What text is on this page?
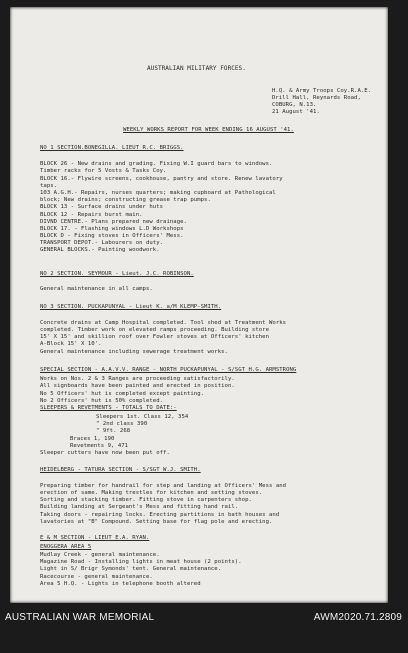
AUSTRALIAN MILITARY FORCES.
H.Q. & Army Troops Coy.R.A.E.
Drill Hall, Reynards Road,
COBURG, N.13.
21 August '41.
WEEKLY WORKS REPORT FOR WEEK ENDING 16 AUGUST '41.
NO 1 SECTION.BONEGILLA. LIEUT R.C. BRIGGS.
BLOCK 26 - New drains and grading. Fixing W.I guard bars to windows.
Timber racks for 5 Vosts & Tasks Coy.
BLOCK 16.- Flywire screens, cookhouse, pantry and store. Renew lavatory
taps.
103 A.G.H.- Repairs, nurses quarters; making cupboard at Pathological
block; New drains; constructing grease trap pumps.
BLOCK 13 - Surface drains under huts
BLOCK 12 - Repairs burst main.
DIVND CENTRE.- Plans prepared new drainage.
BLOCK 17. - Flashing windows L.D Workshops
BLOCK D - Fixing stoves in Officers' Mess.
TRANSPORT DEPOT.- Labourers on duty.
GENERAL BLOCKS.- Painting woodwork.
NO 2 SECTION. SEYMOUR - Lieut. J.C. ROBINSON.
General maintenance in all camps.
NO 3 SECTION. PUCKAPUNYAL - Lieut K. a/M KLEMP-SMITH.
Concrete drains at Camp Hospital completed. Tool shed at Treatment Works
completed. Timber work on elevated ramps proceeding. Building store
15' X 15' and skillion roof over Fowler stoves at Officers' kitchen
A-Block 15' X 10'.
General maintenance including sewerage treatment works.
SPECIAL SECTION - A.A.V.V. RANGE - NORTH PUCKAPUNYAL - S/SGT H.G. ARMSTRONG
Works on Nos. 2 & 3 Ranges are proceeding satisfactorily.
All signboards have been painted and erected in position.
No 5 Officers' hut is completed except painting.
No 2 Officers' hut is 50% completed.
SLEEPERS & REVETMENTS - TOTALS TO DATE:-
Sleepers 1st. Class 12, 354
" 2nd class 390
" 9ft. 268
Braces 1, 190
Revetments 9, 471
Sleeper cutters have now been put off.
HEIDELBERG - TATURA SECTION - S/SGT W.J. SMITH.
Preparing timber for handrail for step and landing at Officers' Mess and
erection of same. Making trestles for kitchen and setting stoves.
Sorting and stacking timber. Fitting stove in carpenters shop.
Building landing at Sergeant's Mess and fitting hand rail.
Taking doors - repairing locks. Erecting partitions in bath houses and
lavatories at "B" Compound. Setting base for flag pole and erecting.
E & M SECTION - LIEUT E.A. RYAN.
ENOGGERA AREA 5
Mudlay Creek - general maintenance.
Magazine Road - Installing lights in meat house (2 points).
Light in S/ Brigr Symonds' tent. General maintenance.
Racecourse - general maintenance.
Area 5 H.Q. - Lights in telephone booth altered
AUSTRALIAN WAR MEMORIAL	AWM2020.71.2809
